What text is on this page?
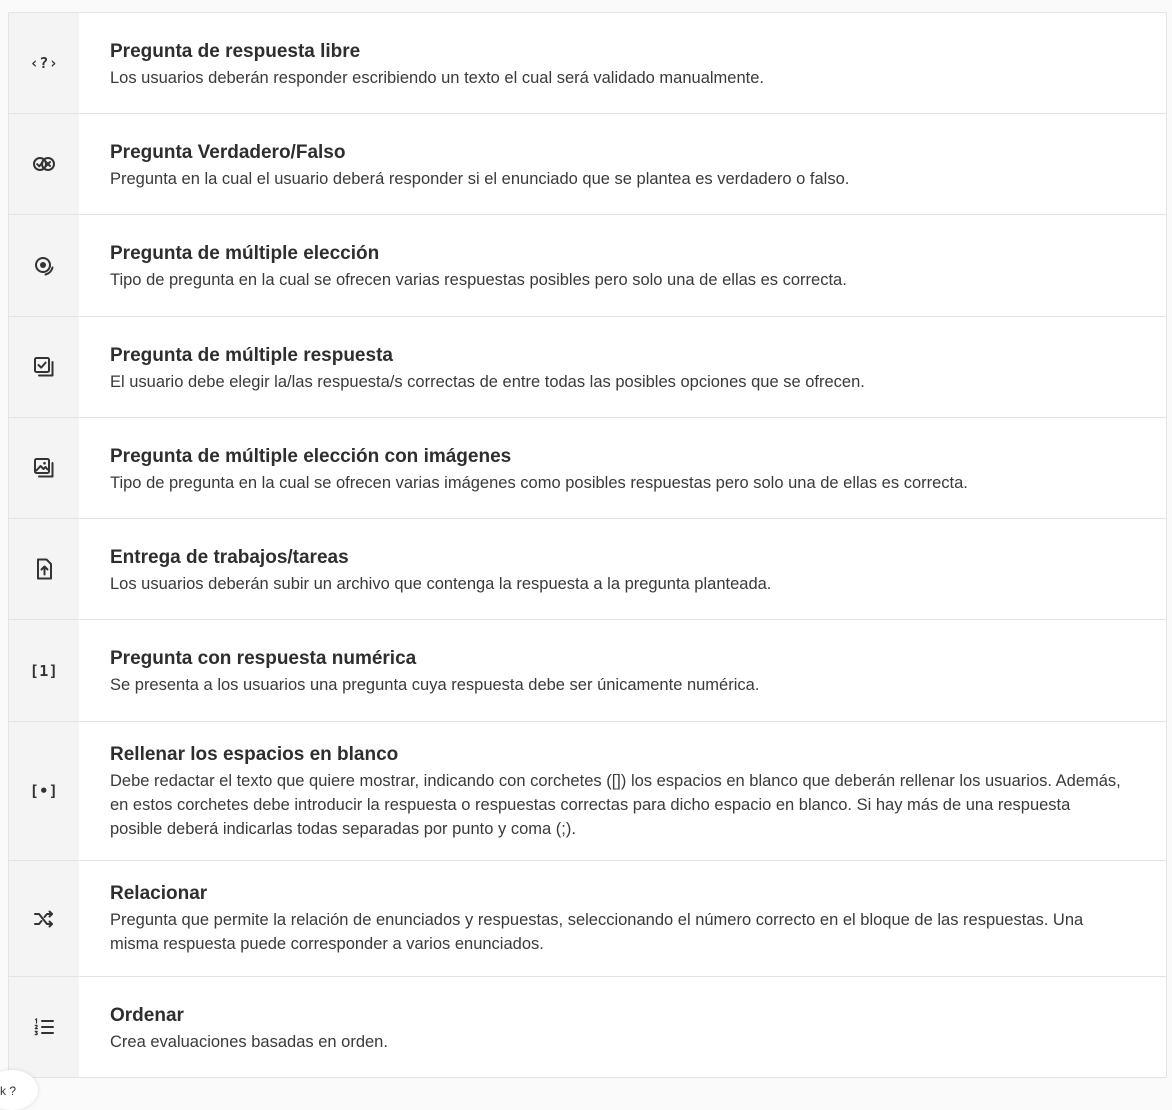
‹?›
Pregunta de respuesta libre
Los usuarios deberán responder escribiendo un texto el cual será validado manualmente.
Pregunta Verdadero/Falso
Pregunta en la cual el usuario deberá responder si el enunciado que se plantea es verdadero o falso.
Pregunta de múltiple elección
Tipo de pregunta en la cual se ofrecen varias respuestas posibles pero solo una de ellas es correcta.
Pregunta de múltiple respuesta
El usuario debe elegir la/las respuesta/s correctas de entre todas las posibles opciones que se ofrecen.
Pregunta de múltiple elección con imágenes
Tipo de pregunta en la cual se ofrecen varias imágenes como posibles respuestas pero solo una de ellas es correcta.
Entrega de trabajos/tareas
Los usuarios deberán subir un archivo que contenga la respuesta a la pregunta planteada.
[1]
Pregunta con respuesta numérica
Se presenta a los usuarios una pregunta cuya respuesta debe ser únicamente numérica.
[•]
Rellenar los espacios en blanco
Debe redactar el texto que quiere mostrar, indicando con corchetes ([]) los espacios en blanco que deberán rellenar los usuarios. Además, en estos corchetes debe introducir la respuesta o respuestas correctas para dicho espacio en blanco. Si hay más de una respuesta posible deberá indicarlas todas separadas por punto y coma (;).
Relacionar
Pregunta que permite la relación de enunciados y respuestas, seleccionando el número correcto en el bloque de las respuestas. Una misma respuesta puede corresponder a varios enunciados.
Ordenar
Crea evaluaciones basadas en orden.
k ?
